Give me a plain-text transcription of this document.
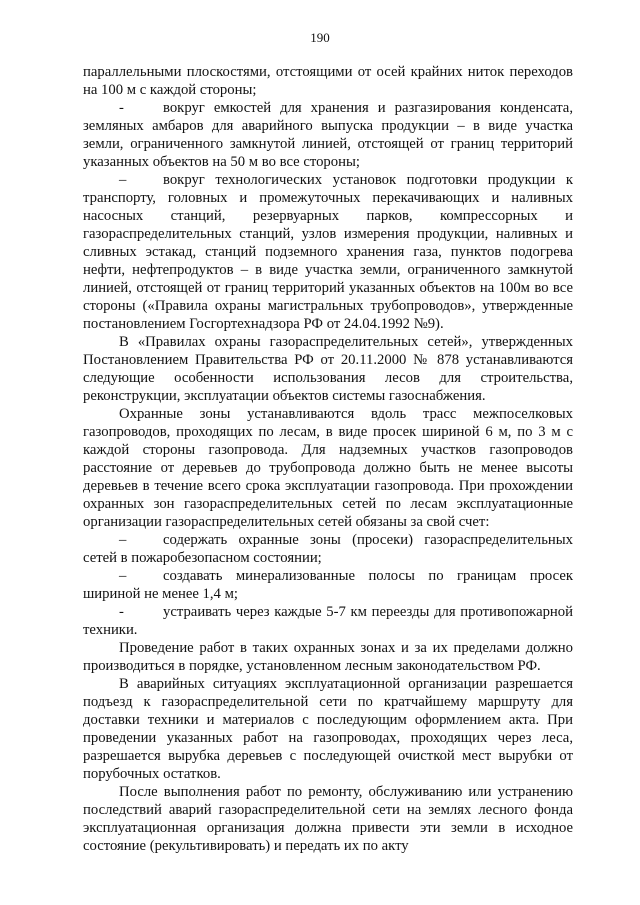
190

параллельными плоскостями, отстоящими от осей крайних ниток переходов на 100 м с каждой стороны;

-	вокруг емкостей для хранения и разгазирования конденсата, земляных амбаров для аварийного выпуска продукции – в виде участка земли, ограниченного замкнутой линией, отстоящей от границ территорий указанных объектов на 50 м во все стороны;

– вокруг технологических установок подготовки продукции к транспорту, головных и промежуточных перекачивающих и наливных насосных станций, резервуарных парков, компрессорных и газораспределительных станций, узлов измерения продукции, наливных и сливных эстакад, станций подземного хранения газа, пунктов подогрева нефти, нефтепродуктов – в виде участка земли, ограниченного замкнутой линией, отстоящей от границ территорий указанных объектов на 100м во все стороны («Правила охраны магистральных трубопроводов», утвержденные постановлением Госгортехнадзора РФ от 24.04.1992 №9).

В «Правилах охраны газораспределительных сетей», утвержденных Постановлением Правительства РФ от 20.11.2000 № 878 устанавливаются следующие особенности использования лесов для строительства, реконструкции, эксплуатации объектов системы газоснабжения.

Охранные зоны устанавливаются вдоль трасс межпоселковых газопроводов, проходящих по лесам, в виде просек шириной 6 м, по 3 м с каждой стороны газопровода. Для надземных участков газопроводов расстояние от деревьев до трубопровода должно быть не менее высоты деревьев в течение всего срока эксплуатации газопровода. При прохождении охранных зон газораспределительных сетей по лесам эксплуатационные организации газораспределительных сетей обязаны за свой счет:

– содержать охранные зоны (просеки) газораспределительных сетей в пожаробезопасном состоянии;

– создавать минерализованные полосы по границам просек шириной не менее 1,4 м;

-	устраивать через каждые 5-7 км переезды для противопожарной техники.

Проведение работ в таких охранных зонах и за их пределами должно производиться в порядке, установленном лесным законодательством РФ.

В аварийных ситуациях эксплуатационной организации разрешается подъезд к газораспределительной сети по кратчайшему маршруту для доставки техники и материалов с последующим оформлением акта. При проведении указанных работ на газопроводах, проходящих через леса, разрешается вырубка деревьев с последующей очисткой мест вырубки от порубочных остатков.

После выполнения работ по ремонту, обслуживанию или устранению последствий аварий газораспределительной сети на землях лесного фонда эксплуатационная организация должна привести эти земли в исходное состояние (рекультивировать) и передать их по акту
